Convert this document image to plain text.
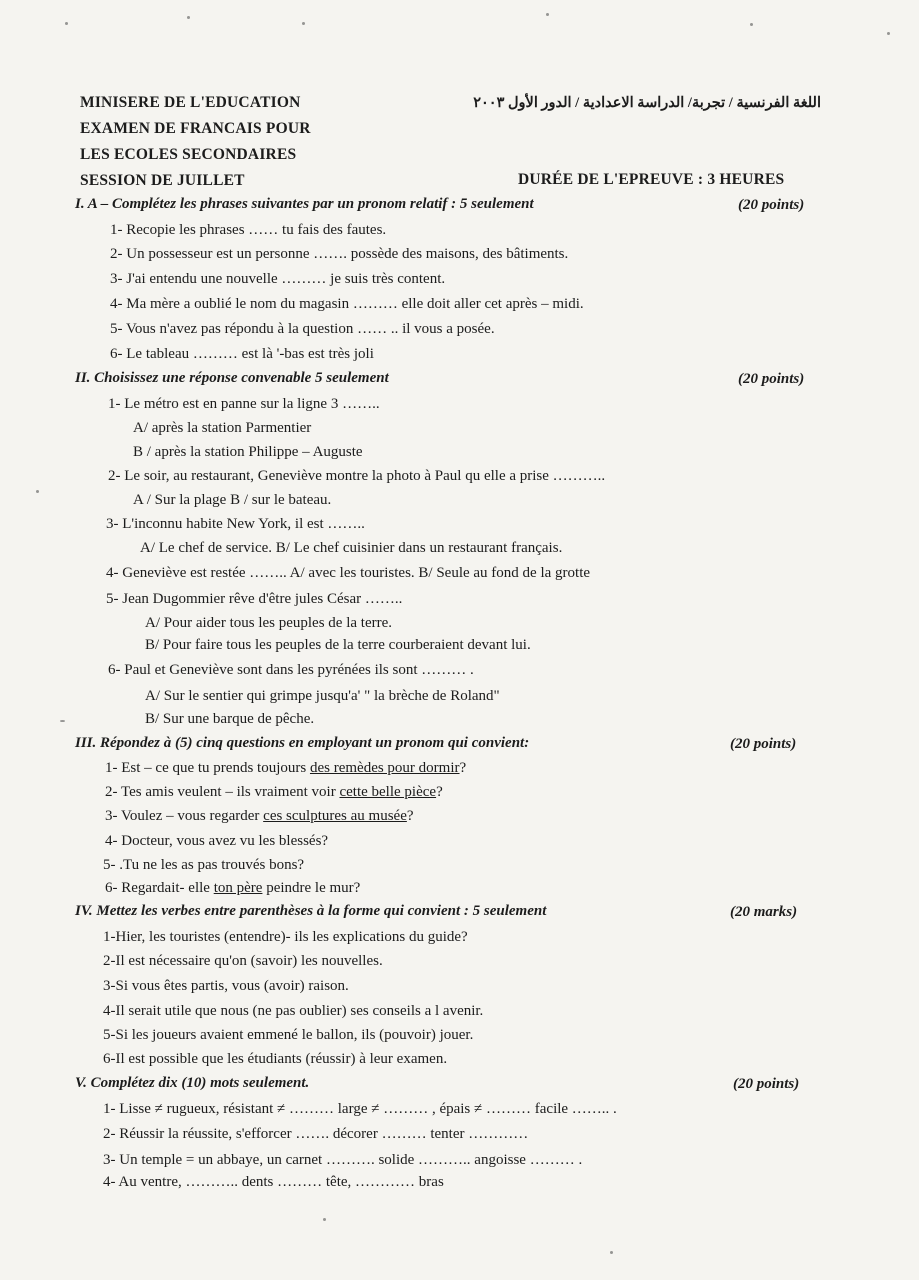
MINISERE DE L'EDUCATION
EXAMEN DE FRANCAIS POUR
LES ECOLES SECONDAIRES
SESSION DE JUILLET
اللغة الفرنسية / تجربة/ الدراسة الاعدادية / الدور الأول ٢٠٠٣
DURÉE DE L'EPREUVE : 3 HEURES
I. A – Complétez les phrases suivantes par un pronom relatif : 5 seulement	(20 points)
1- Recopie les phrases …… tu fais des fautes.
2- Un possesseur est un personne ……. possède des maisons, des bâtiments.
3- J'ai entendu une nouvelle ……… je suis très content.
4- Ma mère a oublié le nom du magasin ……… elle doit aller cet après – midi.
5- Vous n'avez pas répondu à la question …… .. il vous a posée.
6- Le tableau ……… est là '-bas est très joli
II. Choisissez une réponse convenable 5 seulement	(20 points)
1- Le métro est en panne sur la ligne 3 ……..
A/ après la station Parmentier
B / après la station Philippe – Auguste
2- Le soir, au restaurant, Geneviève montre la photo à Paul qu elle a prise ………..
A / Sur la plage B / sur le bateau.
3- L'inconnu habite New York, il est ……..
A/ Le chef de service. B/ Le chef cuisinier dans un restaurant français.
4- Geneviève est restée …….. A/ avec les touristes. B/ Seule au fond de la grotte
5- Jean Dugommier rêve d'être jules César ……..
A/ Pour aider tous les peuples de la terre.
B/ Pour faire tous les peuples de la terre courberaient devant lui.
6- Paul et Geneviève sont dans les pyrénées ils sont ……… .
A/ Sur le sentier qui grimpe jusqu'a' " la brèche de Roland"
B/ Sur une barque de pêche.
III. Répondez à (5) cinq questions en employant un pronom qui convient:	(20 points)
1- Est – ce que tu prends toujours des remèdes pour dormir?
2- Tes amis veulent – ils vraiment voir cette belle pièce?
3- Voulez – vous regarder ces sculptures au musée?
4- Docteur, vous avez vu les blessés?
5- .Tu ne les as pas trouvés bons?
6- Regardait- elle ton père peindre le mur?
IV. Mettez les verbes entre parenthèses à la forme qui convient : 5 seulement	(20 marks)
1-Hier, les touristes (entendre)- ils les explications du guide?
2-Il est nécessaire qu'on (savoir) les nouvelles.
3-Si vous êtes partis, vous (avoir) raison.
4-Il serait utile que nous (ne pas oublier) ses conseils a l avenir.
5-Si les joueurs avaient emmené le ballon, ils (pouvoir) jouer.
6-Il est possible que les étudiants (réussir) à leur examen.
V. Complétez dix (10) mots seulement.	(20 points)
1- Lisse ≠ rugueux, résistant ≠ ……… large ≠ ……… , épais ≠ ……… facile …….. .
2- Réussir la réussite, s'efforcer ……. décorer ……… tenter …………
3- Un temple = un abbaye, un carnet ………. solide ……….. angoisse ……… .
4- Au ventre, ……….. dents ……… tête, ………… bras
